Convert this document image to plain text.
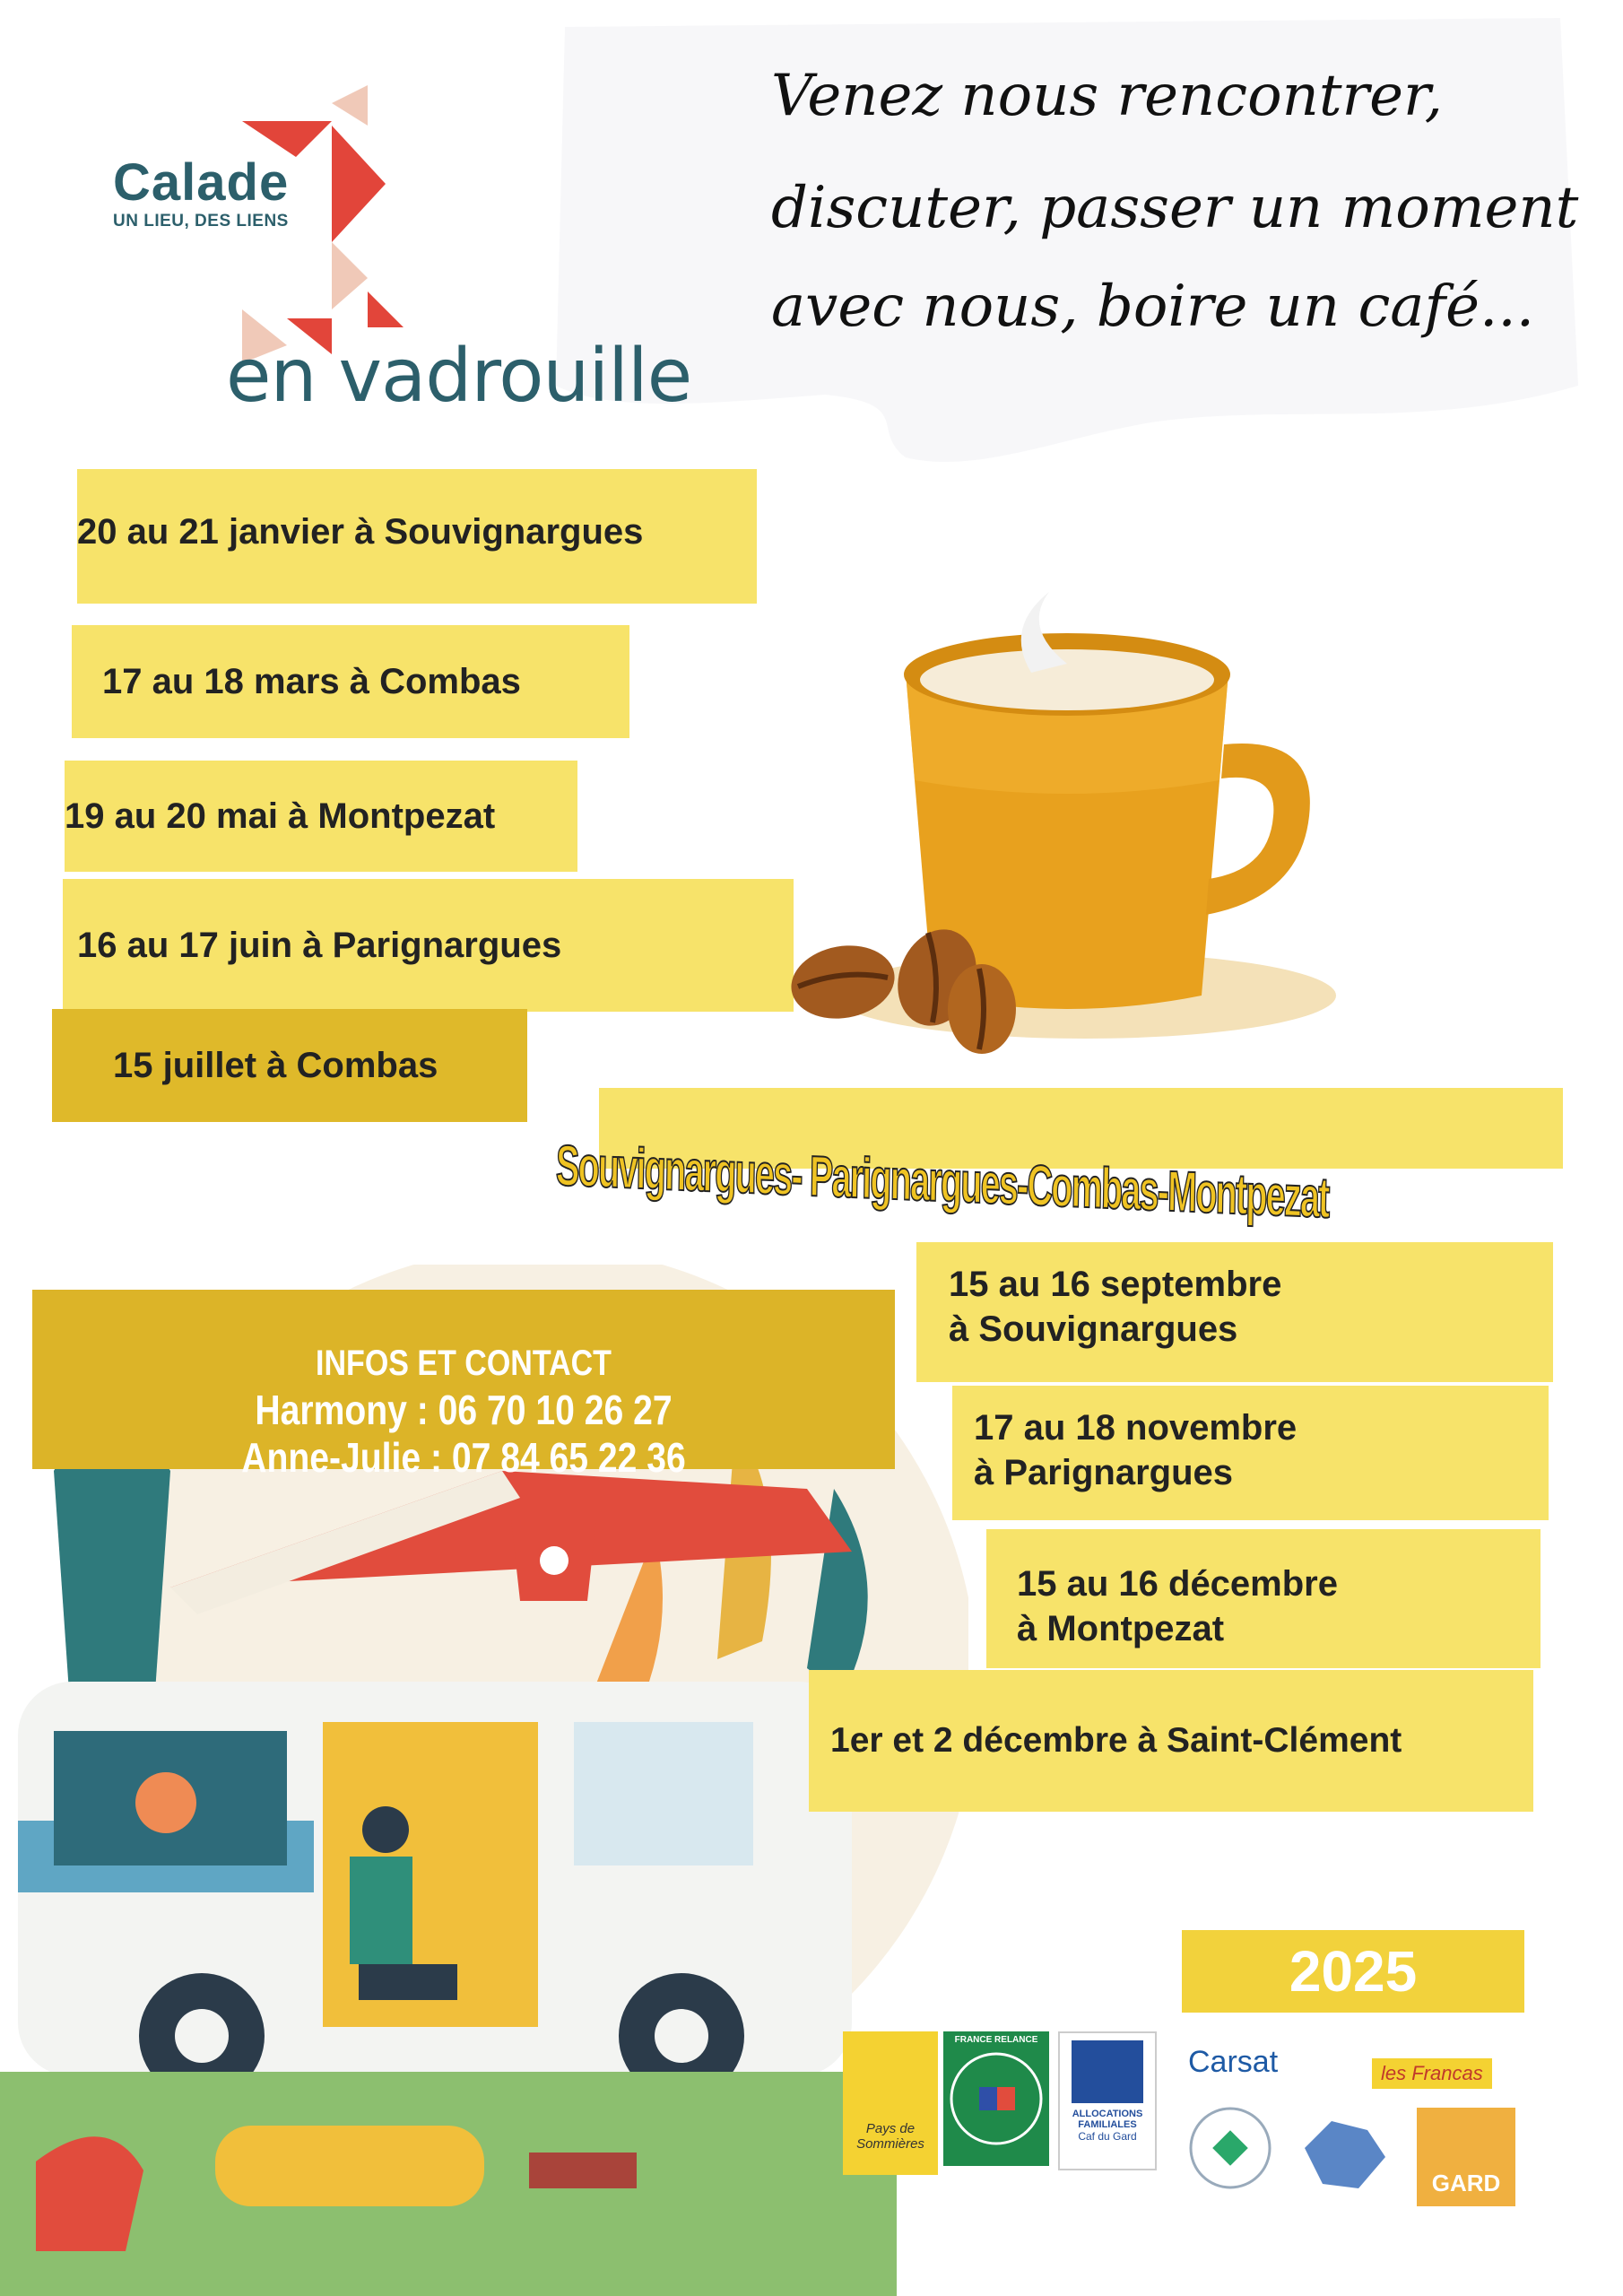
Venez nous rencontrer,
discuter, passer un moment
avec nous, boire un café...
Calade
UN LIEU, DES LIENS
en vadrouille
20 au 21 janvier à Souvignargues
17 au 18 mars à Combas
19 au 20 mai à Montpezat
16 au 17 juin à Parignargues
15 juillet à Combas
Souvignargues- Parignargues-Combas-Montpezat
INFOS ET CONTACT
Harmony : 06 70 10 26 27
Anne-Julie : 07 84 65 22 36
15 au 16 septembre
à Souvignargues
17 au 18 novembre
à Parignargues
15 au 16 décembre
à Montpezat
1er et 2 décembre à Saint-Clément
2025
Pays de Sommières
FRANCE RELANCE
ALLOCATIONS FAMILIALES
Caf du Gard
Carsat	les Francas
GARD
